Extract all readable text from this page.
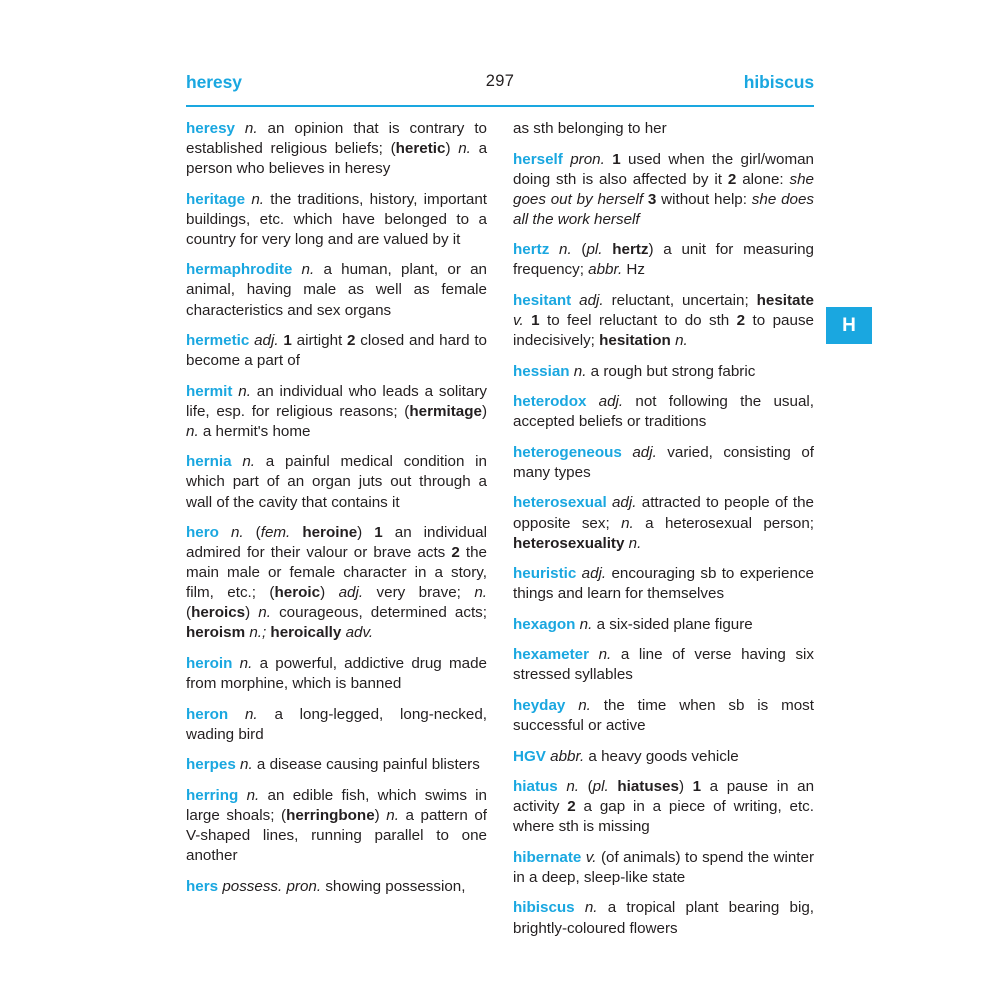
heresy	297	hibiscus

heresy n. an opinion that is contrary to established religious beliefs; (heretic) n. a person who believes in heresy

heritage n. the traditions, history, important buildings, etc. which have belonged to a country for very long and are valued by it

hermaphrodite n. a human, plant, or an animal, having male as well as female characteristics and sex organs

hermetic adj. 1 airtight 2 closed and hard to become a part of

hermit n. an individual who leads a solitary life, esp. for religious reasons; (hermitage) n. a hermit's home

hernia n. a painful medical condition in which part of an organ juts out through a wall of the cavity that contains it

hero n. (fem. heroine) 1 an individual admired for their valour or brave acts 2 the main male or female character in a story, film, etc.; (heroic) adj. very brave; n. (heroics) n. courageous, determined acts; heroism n.; heroically adv.

heroin n. a powerful, addictive drug made from morphine, which is banned

heron n. a long-legged, long-necked, wading bird

herpes n. a disease causing painful blisters

herring n. an edible fish, which swims in large shoals; (herringbone) n. a pattern of V-shaped lines, running parallel to one another

hers possess. pron. showing possession,

as sth belonging to her

herself pron. 1 used when the girl/woman doing sth is also affected by it 2 alone: she goes out by herself 3 without help: she does all the work herself

hertz n. (pl. hertz) a unit for measuring frequency; abbr. Hz

hesitant adj. reluctant, uncertain; hesitate v. 1 to feel reluctant to do sth 2 to pause indecisively; hesitation n.

hessian n. a rough but strong fabric

heterodox adj. not following the usual, accepted beliefs or traditions

heterogeneous adj. varied, consisting of many types

heterosexual adj. attracted to people of the opposite sex; n. a heterosexual person; heterosexuality n.

heuristic adj. encouraging sb to experience things and learn for themselves

hexagon n. a six-sided plane figure

hexameter n. a line of verse having six stressed syllables

heyday n. the time when sb is most successful or active

HGV abbr. a heavy goods vehicle

hiatus n. (pl. hiatuses) 1 a pause in an activity 2 a gap in a piece of writing, etc. where sth is missing

hibernate v. (of animals) to spend the winter in a deep, sleep-like state

hibiscus n. a tropical plant bearing big, brightly-coloured flowers

H
